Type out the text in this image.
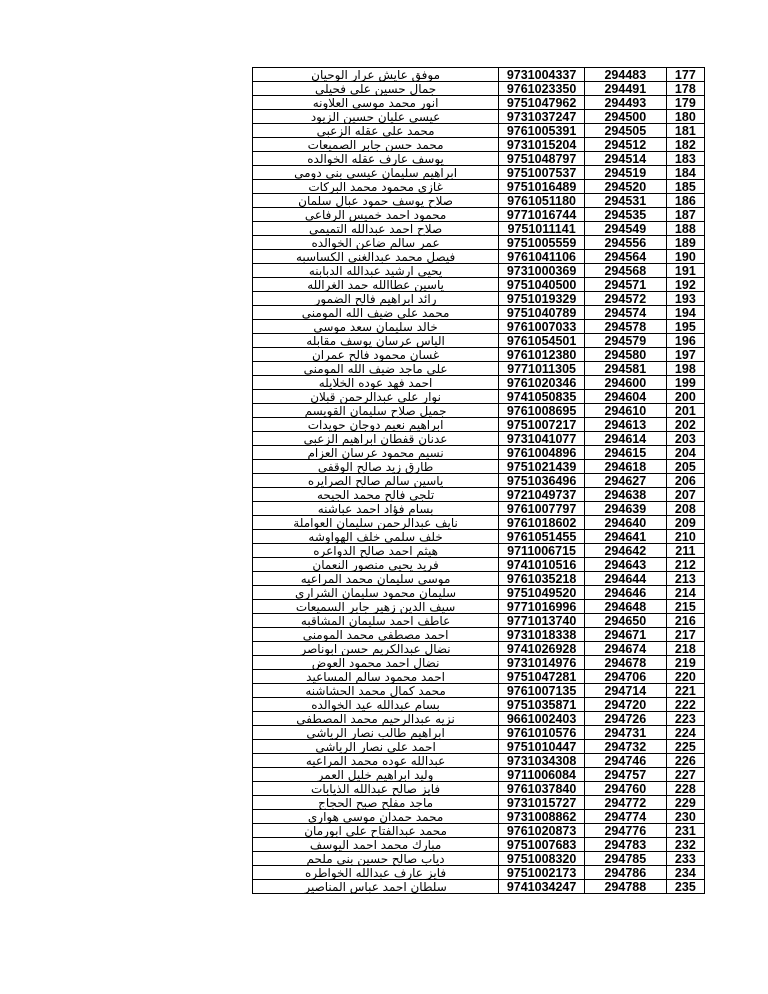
موفق عايش عرار الوحيان	9731004337	294483	177
جمال حسين علي فحيلي	9761023350	294491	178
انور محمد موسى العلاونه	9751047962	294493	179
عيسى عليان حسين الزيود	9731037247	294500	180
محمد علي عقله الزعبي	9761005391	294505	181
محمد حسن جابر الصميعات	9731015204	294512	182
يوسف عارف عقله الخوالده	9751048797	294514	183
ابراهيم سليمان عيسى بني دومي	9751007537	294519	184
غازي محمود محمد البركات	9751016489	294520	185
صلاح يوسف حمود عبال سلمان	9761051180	294531	186
محمود احمد خميس الرفاعي	9771016744	294535	187
صلاح احمد عبدالله التميمي	9751011141	294549	188
عمر سالم ضاعن الخوالده	9751005559	294556	189
فيصل محمد عبدالغني الكساسبه	9761041106	294564	190
يحيى ارشيد عبدالله الدبابنه	9731000369	294568	191
ياسين عطاالله حمد الغرالله	9751040500	294571	192
رائد ابراهيم فالح الضمور	9751019329	294572	193
محمد علي ضيف الله المومني	9751040789	294574	194
خالد سليمان سعد موسى	9761007033	294578	195
الياس عرسان يوسف مقابله	9761054501	294579	196
غسان محمود فالح عمران	9761012380	294580	197
علي ماجد ضيف الله المومني	9771011305	294581	198
احمد فهد عوده الخلايله	9761020346	294600	199
نوار علي عبدالرحمن قبلان	9741050835	294604	200
جميل صلاح سليمان القويسم	9761008695	294610	201
ابراهيم نعيم دوجان حويدات	9751007217	294613	202
عدنان قفطان ابراهيم الزعبي	9731041077	294614	203
نسيم محمود عرسان العزام	9761004896	294615	204
طارق زيد صالح الوقفي	9751021439	294618	205
ياسين سالم صالح الصرايره	9751036496	294627	206
تلجي فالح محمد الجيحه	9721049737	294638	207
بسام فؤاد احمد عباشنه	9761007797	294639	208
نايف عبدالرحمن سليمان العواملة	9761018602	294640	209
خلف سلمي خلف الهواوشه	9761051455	294641	210
هيثم احمد صالح الدواعره	9711006715	294642	211
فريد يحيى منصور النعمان	9741010516	294643	212
موسى سليمان محمد المراعيه	9761035218	294644	213
سليمان محمود سليمان الشراري	9751049520	294646	214
سيف الدين زهير جابر السميعات	9771016996	294648	215
عاطف احمد سليمان المشاقبه	9771013740	294650	216
احمد مصطفى محمد المومني	9731018338	294671	217
نضال عبدالكريم حسن ابوناصر	9741026928	294674	218
نضال احمد محمود العوض	9731014976	294678	219
احمد محمود سالم المساعيد	9751047281	294706	220
محمد كمال محمد الحشاشنه	9761007135	294714	221
بسام عبدالله عيد الخوالده	9751035871	294720	222
نزيه عبدالرحيم محمد المصطفى	9661002403	294726	223
ابراهيم طالب نصار الرياشي	9761010576	294731	224
احمد علي نصار الرياشي	9751010447	294732	225
عبدالله عوده محمد المراعيه	9731034308	294746	226
وليد ابراهيم خليل العمر	9711006084	294757	227
فايز صالح عبدالله الذيابات	9761037840	294760	228
ماجد مفلح صبح الحجاج	9731015727	294772	229
محمد حمدان موسى هواري	9731008862	294774	230
محمد عبدالفتاح علي ابورمان	9761020873	294776	231
مبارك محمد احمد اليوسف	9751007683	294783	232
دياب صالح حسين بني ملحم	9751008320	294785	233
فايز عارف عبدالله الخواطره	9751002173	294786	234
سلطان احمد عباس المناصير	9741034247	294788	235
